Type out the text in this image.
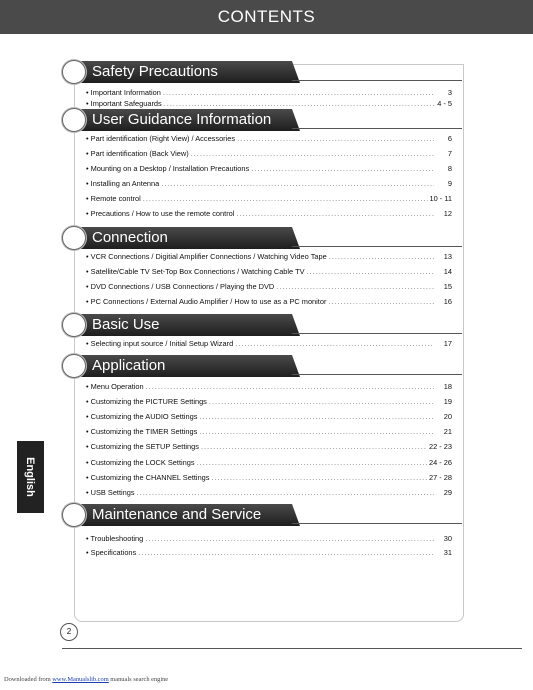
CONTENTS
Safety Precautions
• Important Information .....	3
• Important Safeguards .....	4 - 5
User Guidance Information
• Part identification (Right View) / Accessories .....	6
• Part identification (Back View) .....	7
• Mounting on a Desktop / Installation Precautions .....	8
• Installing an Antenna .....	9
• Remote control .....	10 - 11
• Precautions / How to use the remote control .....	12
Connection
• VCR Connections / Digitial Amplifier Connections / Watching Video Tape .....	13
• Satellite/Cable TV Set-Top Box Connections / Watching Cable TV .....	14
• DVD Connections / USB Connections / Playing the DVD .....	15
• PC Connections / External Audio Amplifier / How to use as a PC monitor .....	16
Basic Use
• Selecting input source / Initial Setup Wizard .....	17
Application
• Menu Operation .....	18
• Customizing the PICTURE Settings .....	19
• Customizing the AUDIO Settings .....	20
• Customizing the TIMER Settings .....	21
• Customizing the SETUP Settings .....	22 - 23
• Customizing the LOCK Settings .....	24 - 26
• Customizing the CHANNEL Settings .....	27 - 28
• USB Settings .....	29
Maintenance and Service
• Troubleshooting .....	30
• Specifications .....	31
English
2
Downloaded from www.Manualslib.com manuals search engine
